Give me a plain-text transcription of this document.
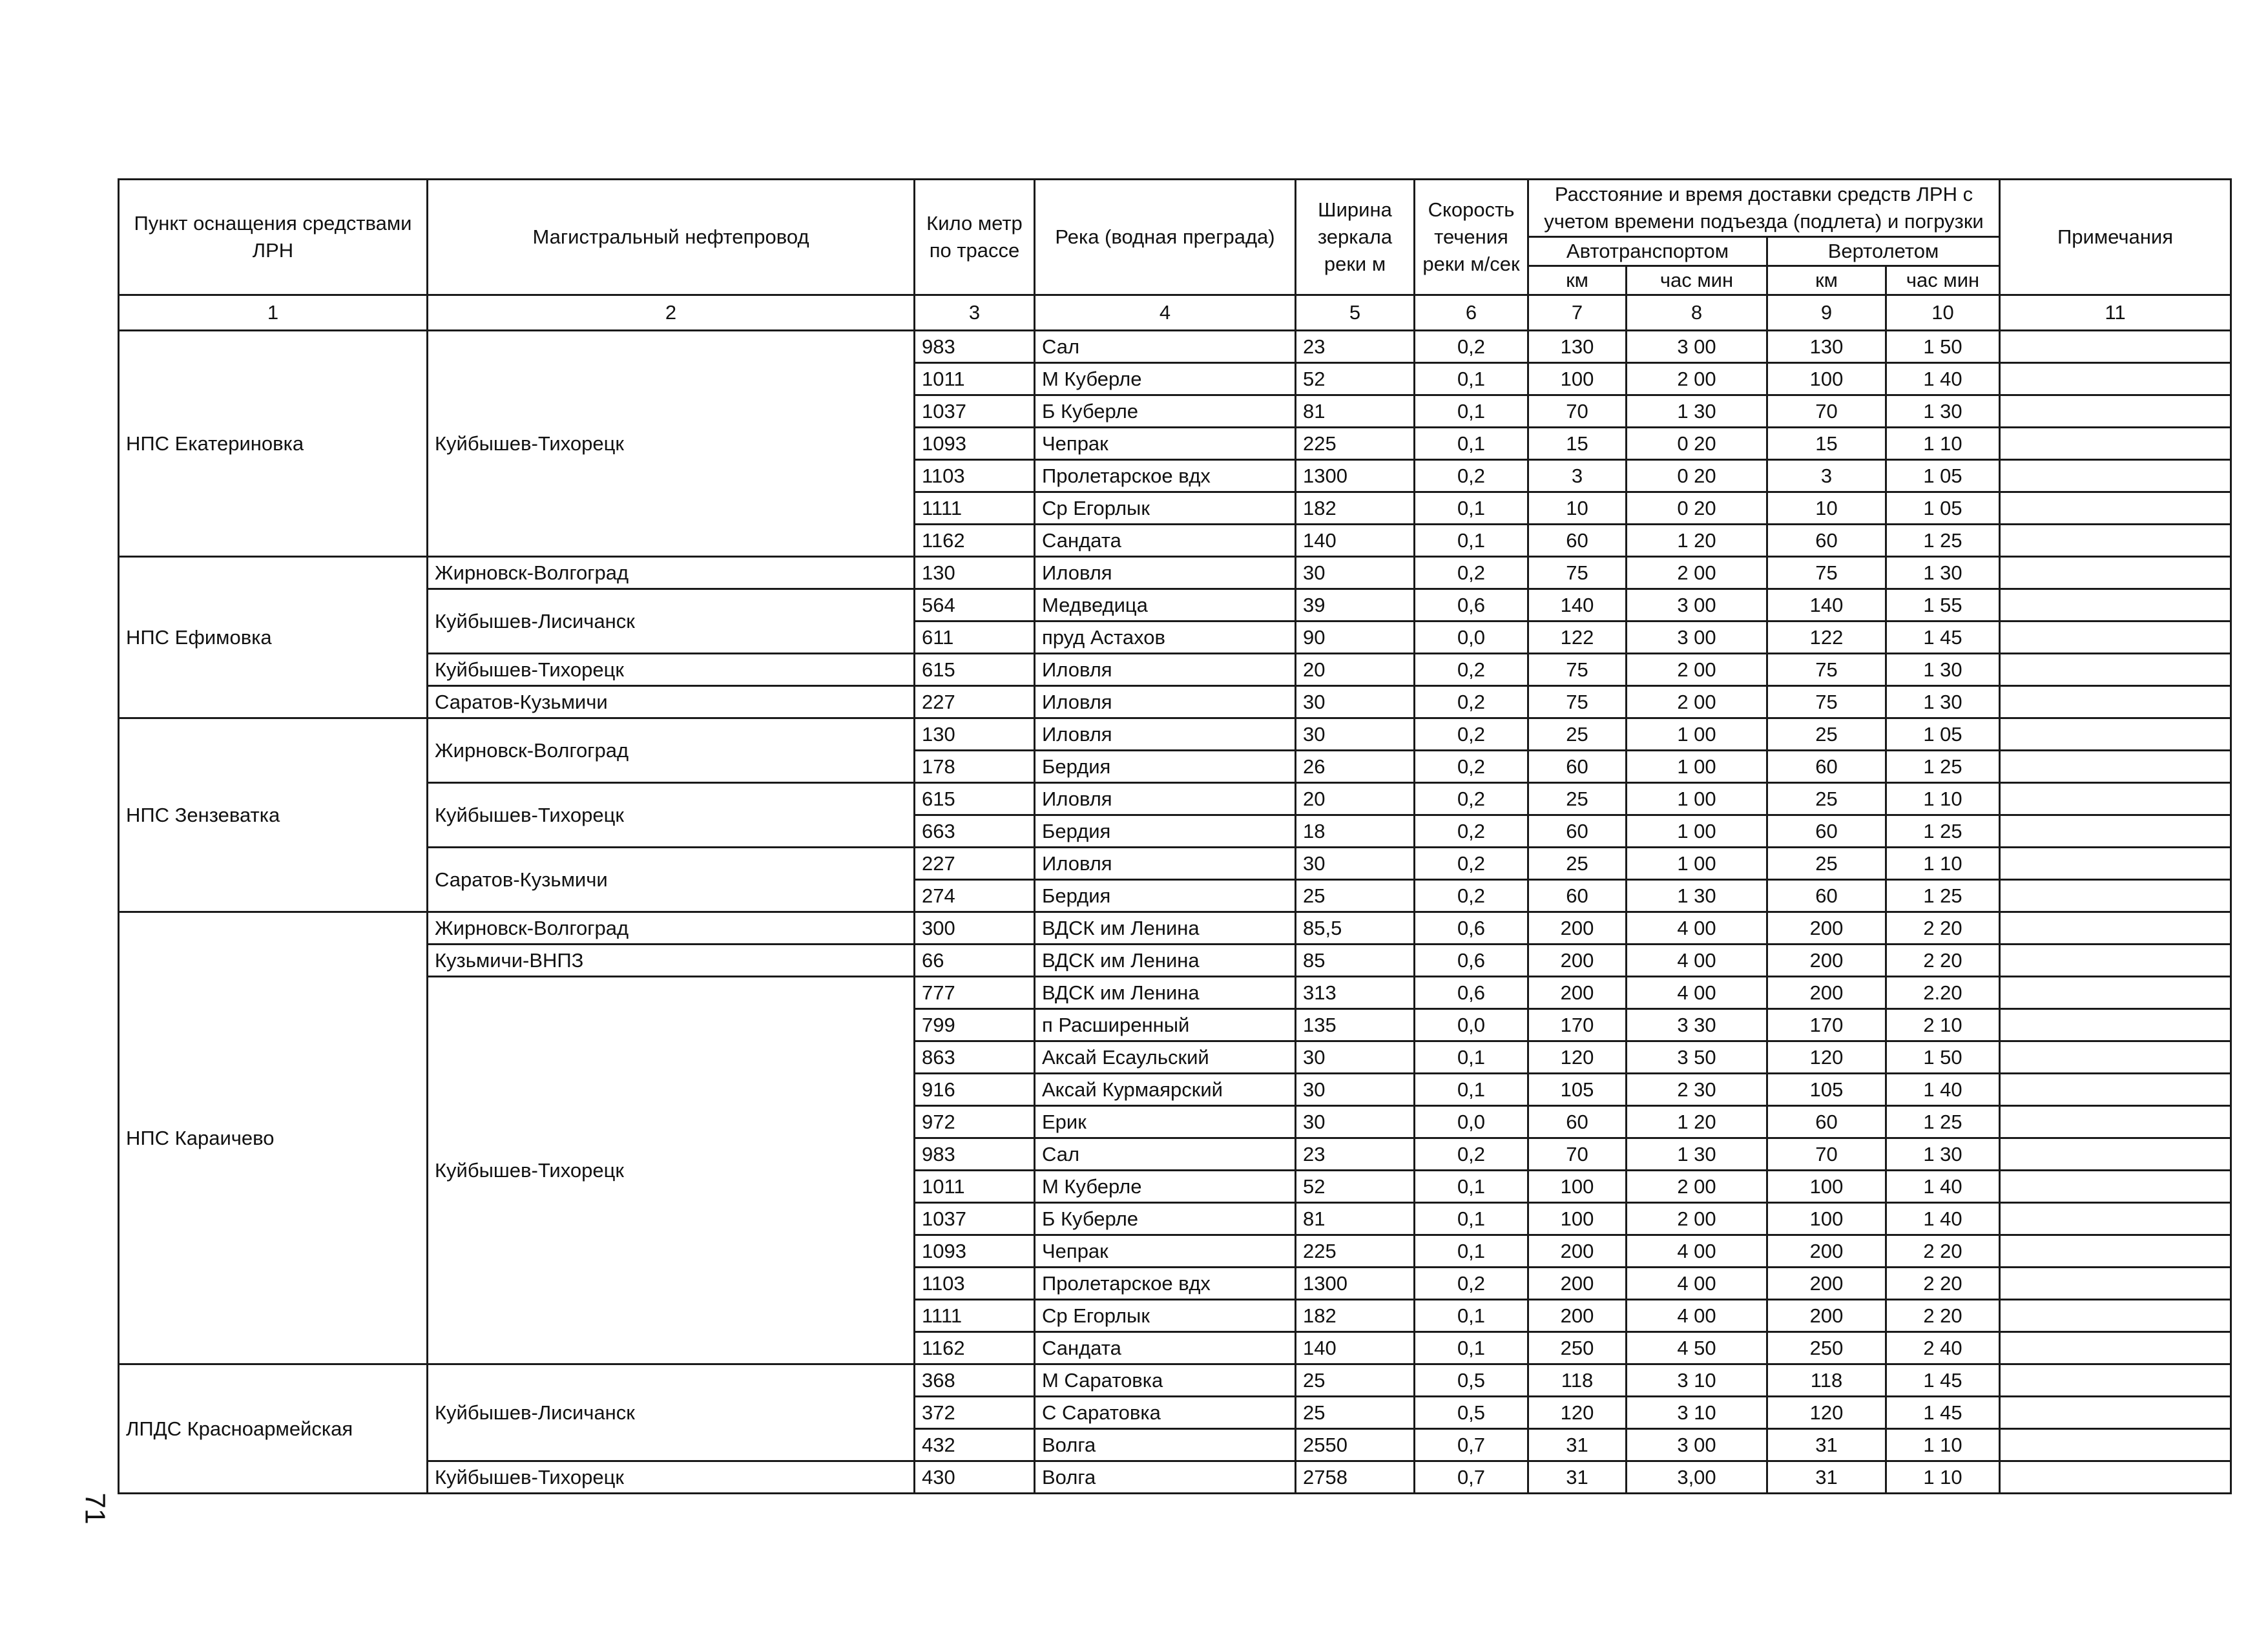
Пункт оснащения средствами ЛРН	Магистральный нефтепровод	Кило метр по трассе	Река (водная преграда)	Ширина зеркала реки м	Скорость течения реки м/сек	Расстояние и время доставки средств ЛРН с учетом времени подъезда (подлета) и погрузки				Примечания
						Автотранспортом		Вертолетом		
						км	час мин	км	час мин	
1	2	3	4	5	6	7	8	9	10	11
НПС Екатериновка	Куйбышев-Тихорецк	983	Сал	23	0,2	130	3 00	130	1 50	
		1011	М Куберле	52	0,1	100	2 00	100	1 40	
		1037	Б Куберле	81	0,1	70	1 30	70	1 30	
		1093	Чепрак	225	0,1	15	0 20	15	1 10	
		1103	Пролетарское вдх	1300	0,2	3	0 20	3	1 05	
		1111	Ср Егорлык	182	0,1	10	0 20	10	1 05	
		1162	Сандата	140	0,1	60	1 20	60	1 25	
НПС Ефимовка	Жирновск-Волгоград	130	Иловля	30	0,2	75	2 00	75	1 30	
	Куйбышев-Лисичанск	564	Медведица	39	0,6	140	3 00	140	1 55	
		611	пруд Астахов	90	0,0	122	3 00	122	1 45	
	Куйбышев-Тихорецк	615	Иловля	20	0,2	75	2 00	75	1 30	
	Саратов-Кузьмичи	227	Иловля	30	0,2	75	2 00	75	1 30	
НПС Зензеватка	Жирновск-Волгоград	130	Иловля	30	0,2	25	1 00	25	1 05	
		178	Бердия	26	0,2	60	1 00	60	1 25	
	Куйбышев-Тихорецк	615	Иловля	20	0,2	25	1 00	25	1 10	
		663	Бердия	18	0,2	60	1 00	60	1 25	
	Саратов-Кузьмичи	227	Иловля	30	0,2	25	1 00	25	1 10	
		274	Бердия	25	0,2	60	1 30	60	1 25	
НПС Караичево	Жирновск-Волгоград	300	ВДСК им Ленина	85,5	0,6	200	4 00	200	2 20	
	Кузьмичи-ВНПЗ	66	ВДСК им Ленина	85	0,6	200	4 00	200	2 20	
	Куйбышев-Тихорецк	777	ВДСК им Ленина	313	0,6	200	4 00	200	2.20	
		799	п Расширенный	135	0,0	170	3 30	170	2 10	
		863	Аксай Есаульский	30	0,1	120	3 50	120	1 50	
		916	Аксай Курмаярский	30	0,1	105	2 30	105	1 40	
		972	Ерик	30	0,0	60	1 20	60	1 25	
		983	Сал	23	0,2	70	1 30	70	1 30	
		1011	М Куберле	52	0,1	100	2 00	100	1 40	
		1037	Б Куберле	81	0,1	100	2 00	100	1 40	
		1093	Чепрак	225	0,1	200	4 00	200	2 20	
		1103	Пролетарское вдх	1300	0,2	200	4 00	200	2 20	
		1111	Ср Егорлык	182	0,1	200	4 00	200	2 20	
		1162	Сандата	140	0,1	250	4 50	250	2 40	
ЛПДС Красноармейская	Куйбышев-Лисичанск	368	М Саратовка	25	0,5	118	3 10	118	1 45	
		372	С Саратовка	25	0,5	120	3 10	120	1 45	
		432	Волга	2550	0,7	31	3 00	31	1 10	
	Куйбышев-Тихорецк	430	Волга	2758	0,7	31	3,00	31	1 10	
71
